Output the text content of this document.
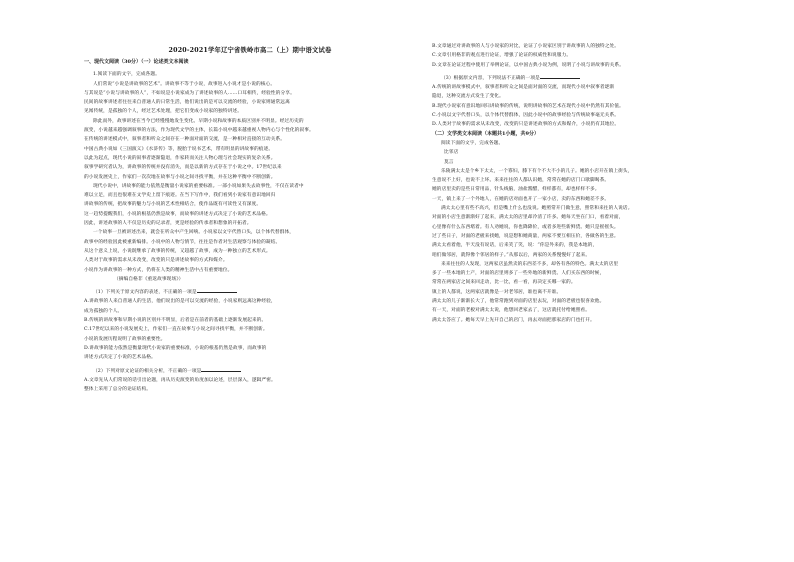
2020-2021学年辽宁省铁岭市高二（上）期中语文试卷
一、现代文阅读（30分）（一）论述类文本阅读
1.阅读下面的文字，完成各题。
人们常说“小说是讲故事的艺术”。讲故事不等于小说，故事进入小说才是小说的核心。
与其说是“小说与讲故事的人”，不如说是小说家成为了讲述故事的人……口耳相传，经验性的分享。
民间的故事讲述者往往来自普通人的日常生活，他们说出的是可以交流的经验，小说家则通常远离
见闻传统，是孤独的个人，经过艺术处理，把它们变成小说家的独特讲述。
除此而外，故事讲述在当今已经慢慢地发生变化。早期小说和故事的本质区别并不明显。经过历史的
演变，小说越来越强调叙事的方法，作为现代文学的主体，长篇小说中越来越重视人物内心与个性化的叙事。
在传统的讲述模式中，叙事者和听众之间存在一种面对面的交流，是一种相对直接的互动关系。
中国古典小说如《三国演义》《水浒传》等，脱胎于说书艺术，带有明显的讲故事的痕迹。
以此为起点，现代小说的叙事者逐渐隐退，作家转而关注人物心理与社会现实的复杂关系。
叙事学研究者认为，讲故事的传统并没有消失，而是以新的方式存在于小说之中。17世纪以来
的小说发展史上，作家们一次次地在故事与小说之间寻找平衡，并在这种平衡中不断创新。
现代小说中，讲故事的能力依然是衡量小说家的重要标准。一部小说如果失去故事性，不仅在读者中
难以立足，而且也很难在文学史上留下痕迹。在当下写作中，我们看到小说家有意识地回归
讲故事的传统，把故事的魅力与小说的艺术性相结合，使作品既有可读性又有深度。
这一趋势提醒我们，小说的根基仍然是故事，而故事的讲述方式决定了小说的艺术品格。
因此，讲述故事的人不仅是历史的记录者，更是经验的传承者和想象的开拓者。
一个故事一旦被讲述出来，就会在听众中产生回响。小说家以文字代替口头，以个体代替群体，
故事中的经验因此被重新编排。小说中的人物与情节，往往是作者对生活观察与体验的凝结。
从这个意义上说，小说既继承了故事的传统，又超越了故事，成为一种独立的艺术形式。
人类对于故事的需求从未改变，改变的只是讲述故事的方式和媒介。
小说作为讲故事的一种方式，仍将在人类的精神生活中占有重要地位。
（摘编自格非《重返故事现场》）
（1）下列关于原文内容的表述，不正确的一项是
A.讲故事的人来自普通人的生活，他们说出的是可以交流的经验，小说家则远离这种经验，
成为孤独的个人。
B.传统的讲故事和早期小说的区别并不明显，后者是在前者的基础上逐渐发展起来的。
C.17世纪以来的小说发展史上，作家们一直在故事与小说之间寻找平衡，并不断创新。
小说的发展历程说明了故事的重要性。
D.讲故事的能力依然是衡量现代小说家的重要标准，小说的根基仍然是故事，而故事的
讲述方式决定了小说的艺术品格。
（2）下列对原文论证的相关分析，不正确的一项是
A.文章先从人们常说的话引出论题，再从历史演变的角度加以论述，层层深入，逻辑严密。
整体上采用了总分的论证结构。
B.文章通过对讲故事的人与小说家的对比，论证了小说家区别于讲故事的人的独特之处。
C.文章引用格非的观点进行论证，增强了论证的权威性和说服力。
D.文章在论证过程中使用了举例论证，以中国古典小说为例，说明了小说与讲故事的关系。
（3）根据原文内容，下列说法不正确的一项是
A.传统的讲故事模式中，叙事者和听众之间是面对面的交流，而现代小说中叙事者逐渐
隐退，这种交流方式发生了变化。
B.现代小说家有意识地回归讲故事的传统，说明讲故事的艺术在现代小说中仍然有其价值。
C.小说以文字代替口头，以个体代替群体，因此小说中的故事经验与传统故事毫无关系。
D.人类对于故事的需求从未改变，改变的只是讲述故事的方式和媒介，小说仍有其地位。
（二）文学类文本阅读（本题共1小题，共9分）
阅读下面的文字，完成各题。
比邻店
莫言
乐陵满太太是个乡下太太，一个寡妇，膝下有个不大不小的儿子。她的小店开在镇上街头，
生意说不上好，也说不上坏。来来往往的人都认识她，常常在她的店门口歇脚喝茶。
她的店里卖的是些日常用品，针头线脑，油盐酱醋，样样都有，却也样样不多。
一天，镇上来了一个外地人，在她的店对面也开了一家小店，卖的东西和她差不多。
满太太心里有些不高兴，但是嘴上什么也没说。她照常开门做生意，照常和来往的人说话。
对面的小店生意渐渐好了起来，满太太的店里却冷清了许多。她每天坐在门口，看着对面，
心里像有什么东西堵着。有人劝她说，你也降降价，或者多进些新鲜货。她只是摇摇头。
过了些日子，对面的老板来找她，说是想和她商量，两家不要互相压价，各做各的生意。
满太太看着他，半天没有说话，后来笑了笑，说：“你是外来的，我是本地的，
咱们做邻居，就得像个邻居的样子。”从那以后，两家的关系慢慢好了起来。
来来往往的人发现，这两家店虽然卖的东西差不多，却各有各的特色。满太太的店里
多了一些本地的土产，对面的店里则多了一些外地的新鲜货。人们买东西的时候，
常常在两家店之间来回走动，比一比，看一看，再决定买哪一家的。
镇上的人都说，这两家店就像是一对老邻居，谁也离不开谁。
满太太的儿子渐渐长大了，他常常跑到对面的店里去玩，对面的老板也很喜欢他。
有一天，对面的老板对满太太说，他想回老家去了，这店就托付给她照看。
满太太答应了。她每天早上先开自己的店门，再去对面把那家店的门也打开。
